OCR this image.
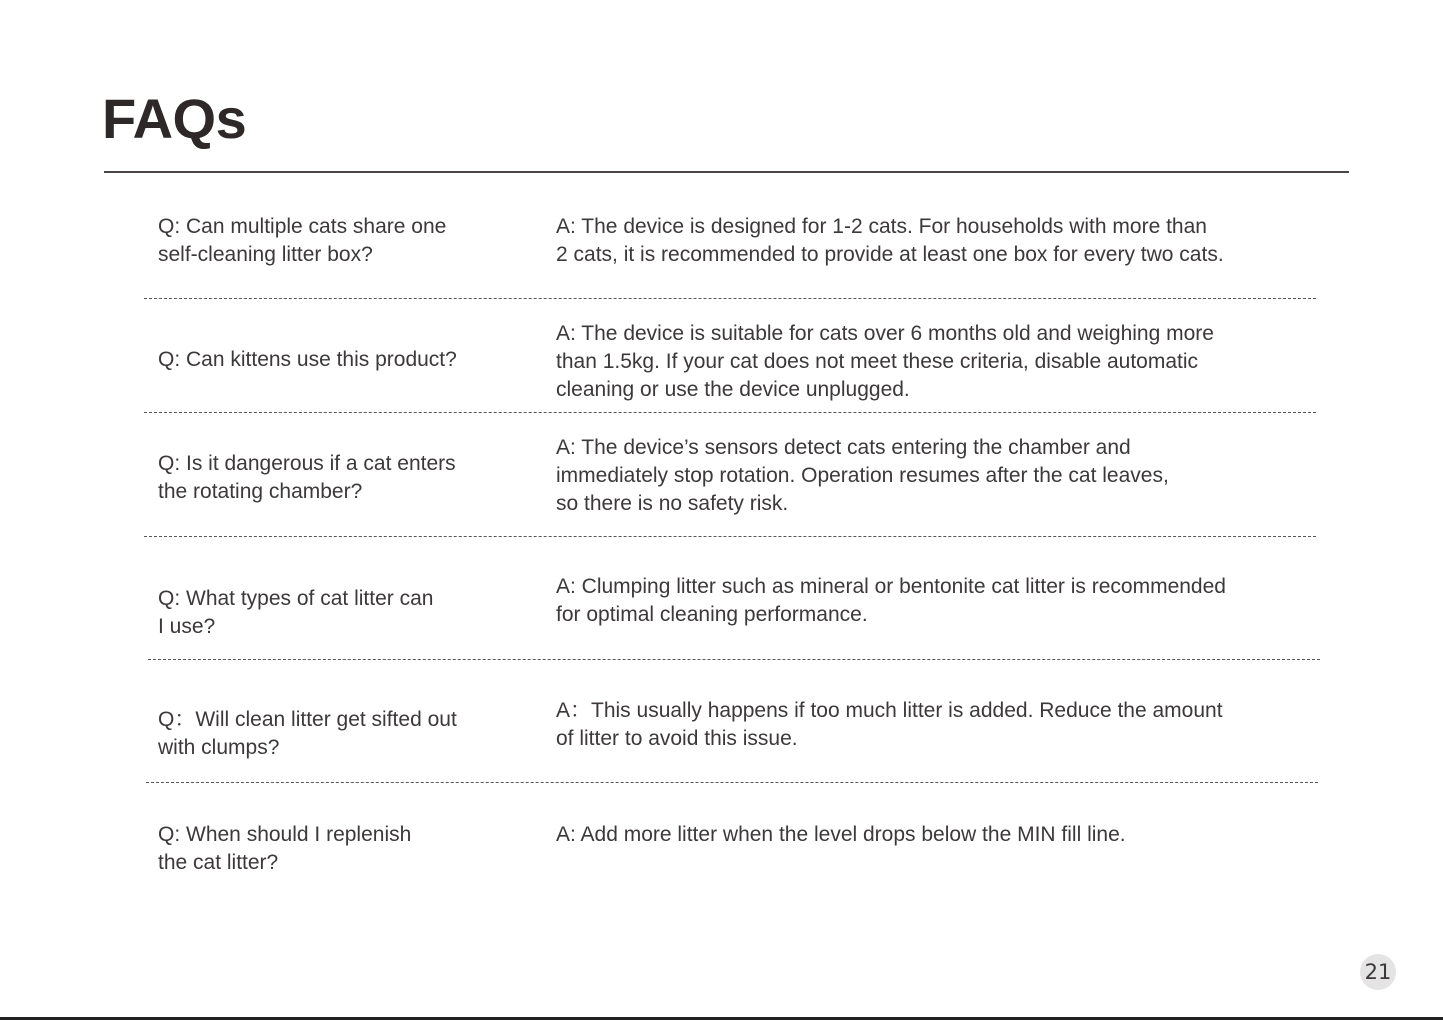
FAQs
Q: Can multiple cats share one
self-cleaning litter box?
A: The device is designed for 1-2 cats. For households with more than
2 cats, it is recommended to provide at least one box for every two cats.
Q: Can kittens use this product?
A: The device is suitable for cats over 6 months old and weighing more
than 1.5kg. If your cat does not meet these criteria, disable automatic
cleaning or use the device unplugged.
Q: Is it dangerous if a cat enters
the rotating chamber?
A: The device’s sensors detect cats entering the chamber and
immediately stop rotation. Operation resumes after the cat leaves,
so there is no safety risk.
Q: What types of cat litter can
I use?
A: Clumping litter such as mineral or bentonite cat litter is recommended
for optimal cleaning performance.
Q：Will clean litter get sifted out
with clumps?
A：This usually happens if too much litter is added. Reduce the amount
of litter to avoid this issue.
Q: When should I replenish
the cat litter?
A: Add more litter when the level drops below the MIN fill line.
21
